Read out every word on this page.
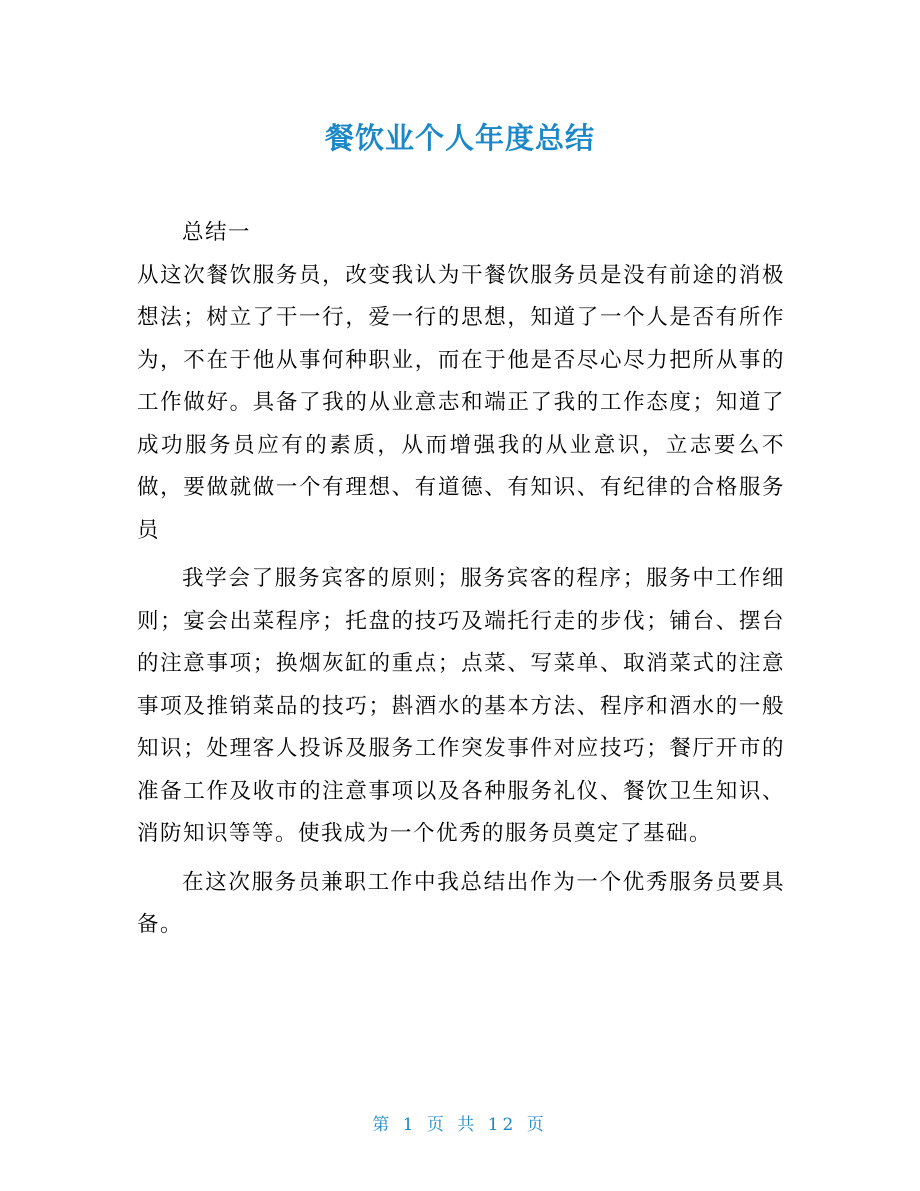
餐饮业个人年度总结

总结一

从这次餐饮服务员，改变我认为干餐饮服务员是没有前途的消极想法；树立了干一行，爱一行的思想，知道了一个人是否有所作为，不在于他从事何种职业，而在于他是否尽心尽力把所从事的工作做好。具备了我的从业意志和端正了我的工作态度；知道了成功服务员应有的素质，从而增强我的从业意识，立志要么不做，要做就做一个有理想、有道德、有知识、有纪律的合格服务员

我学会了服务宾客的原则；服务宾客的程序；服务中工作细则；宴会出菜程序；托盘的技巧及端托行走的步伐；铺台、摆台的注意事项；换烟灰缸的重点；点菜、写菜单、取消菜式的注意事项及推销菜品的技巧；斟酒水的基本方法、程序和酒水的一般知识；处理客人投诉及服务工作突发事件对应技巧；餐厅开市的准备工作及收市的注意事项以及各种服务礼仪、餐饮卫生知识、消防知识等等。使我成为一个优秀的服务员奠定了基础。

在这次服务员兼职工作中我总结出作为一个优秀服务员要具备。

第 1 页 共 12 页
